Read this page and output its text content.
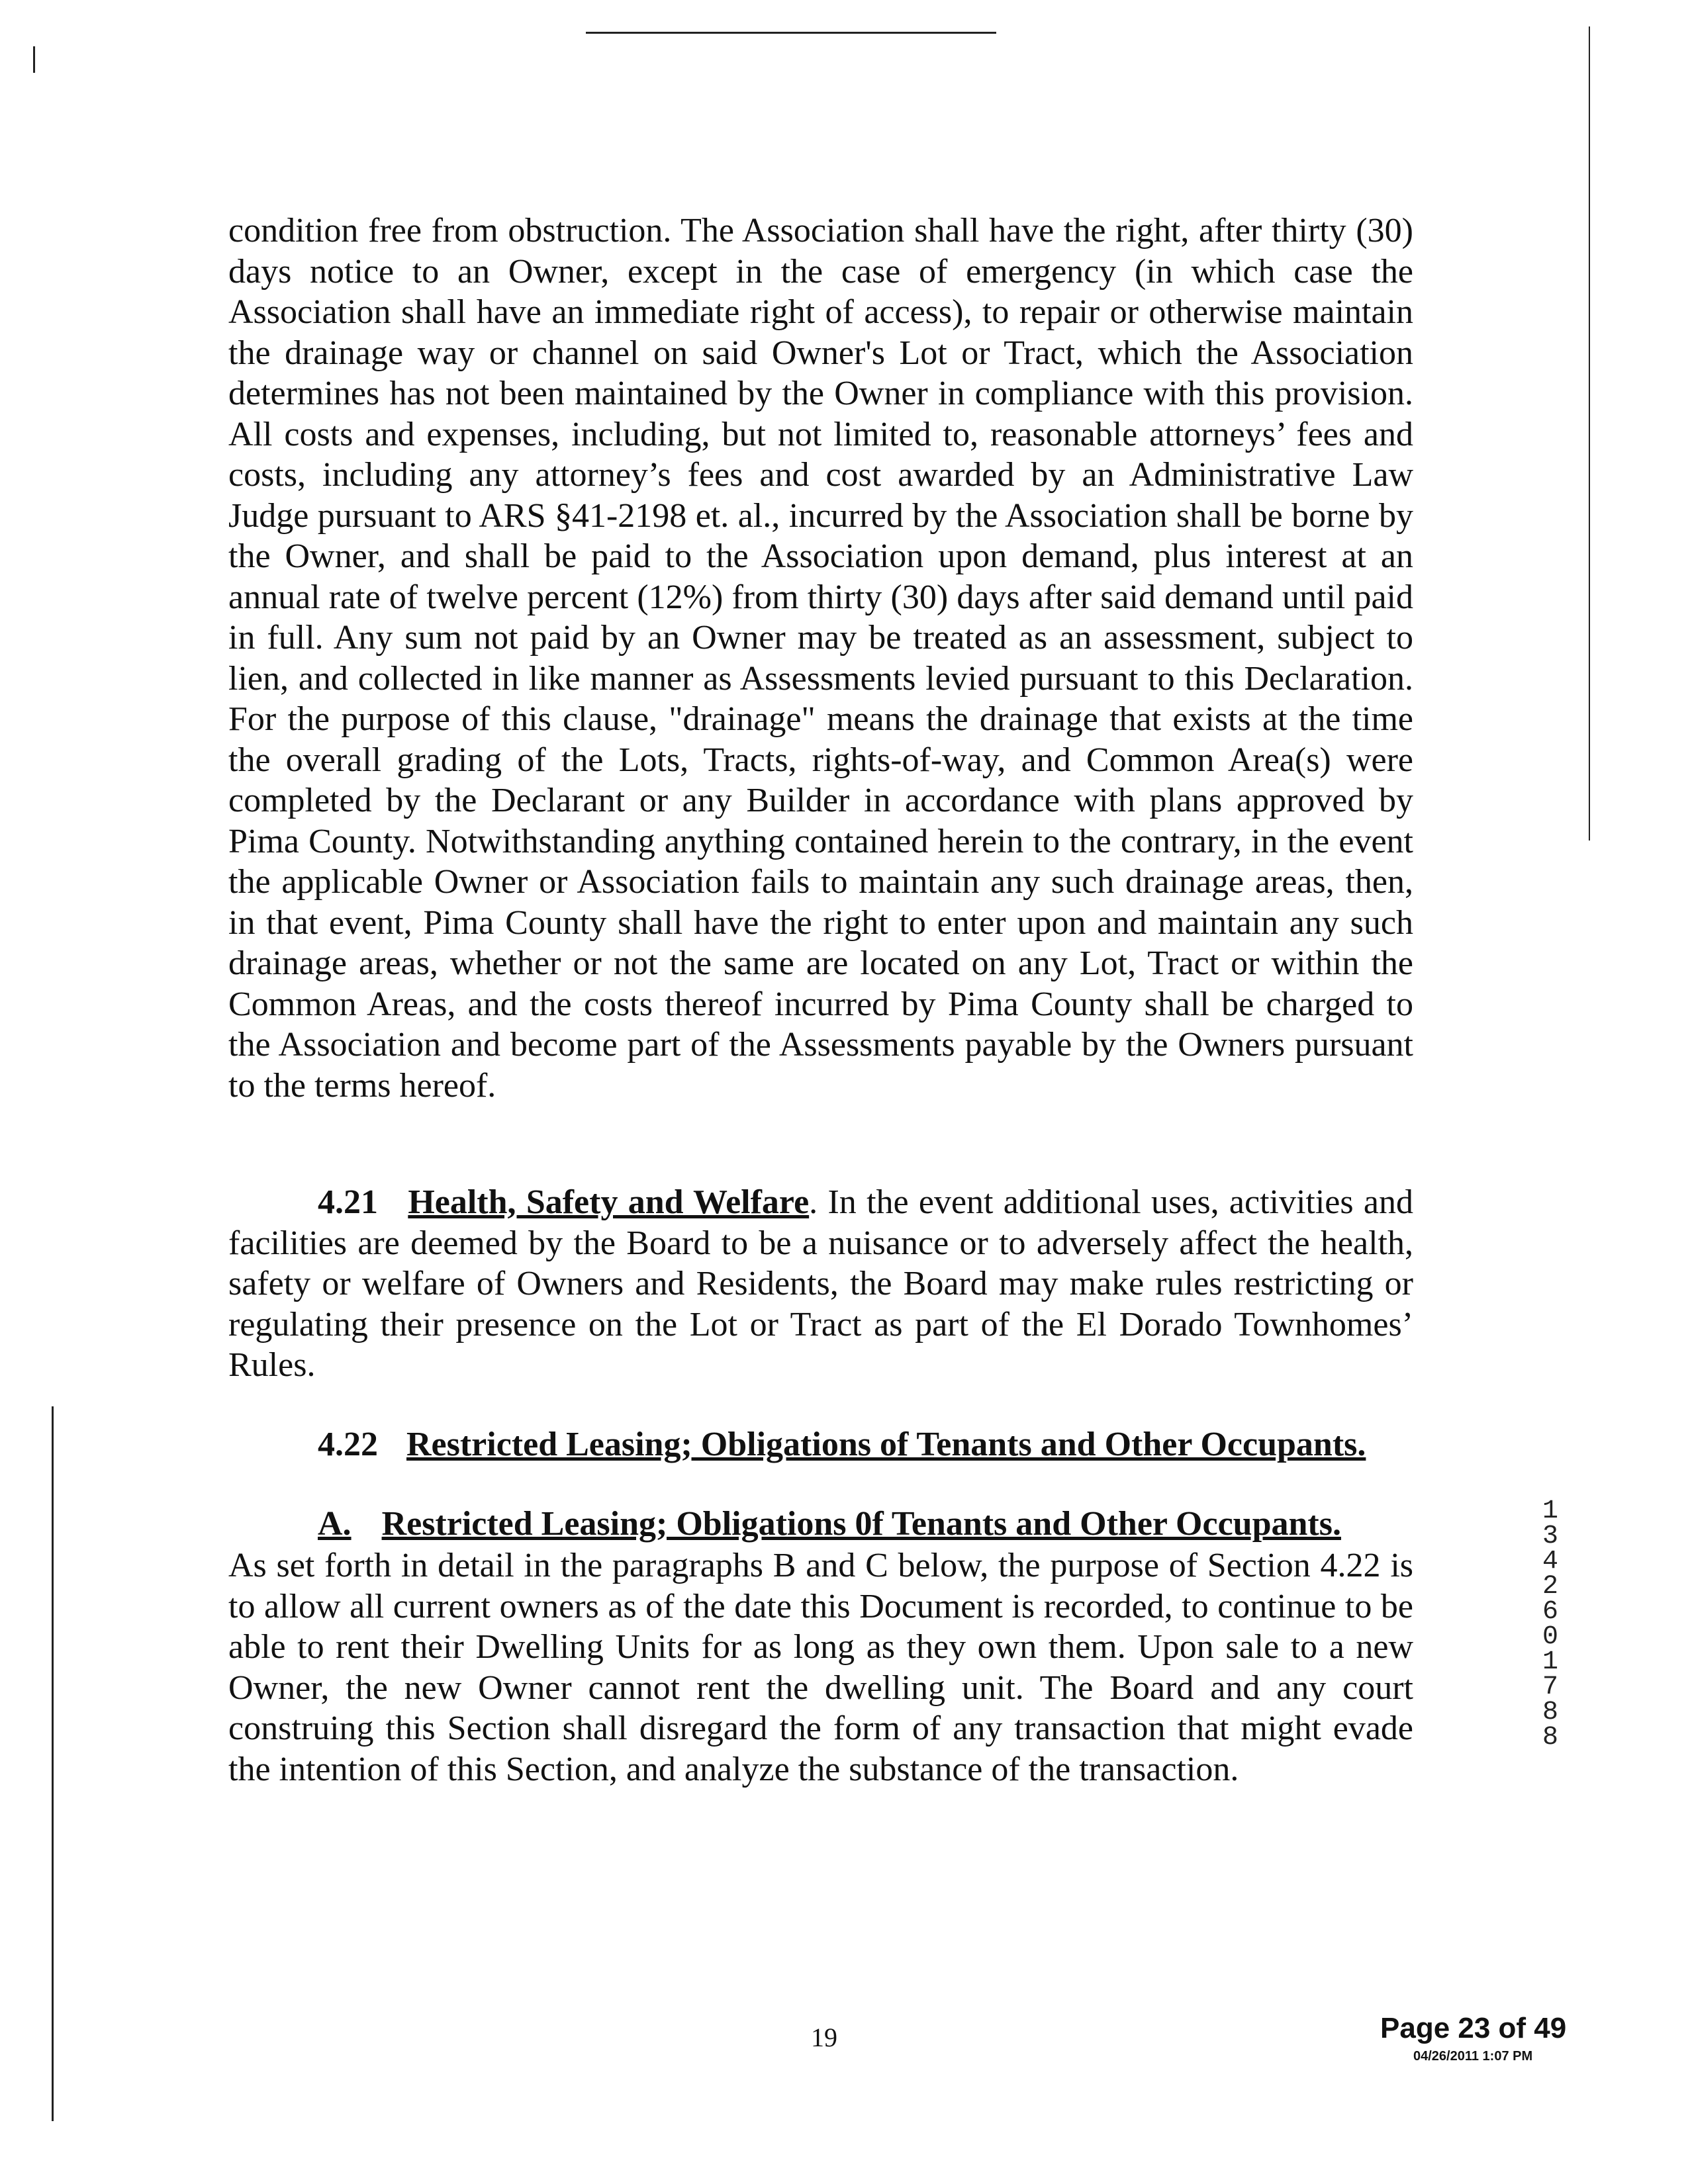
condition free from obstruction. The Association shall have the right, after thirty (30) days notice to an Owner, except in the case of emergency (in which case the Association shall have an immediate right of access), to repair or otherwise maintain the drainage way or channel on said Owner's Lot or Tract, which the Association determines has not been maintained by the Owner in compliance with this provision. All costs and expenses, including, but not limited to, reasonable attorneys’ fees and costs, including any attorney’s fees and cost awarded by an Administrative Law Judge pursuant to ARS §41-2198 et. al., incurred by the Association shall be borne by the Owner, and shall be paid to the Association upon demand, plus interest at an annual rate of twelve percent (12%) from thirty (30) days after said demand until paid in full. Any sum not paid by an Owner may be treated as an assessment, subject to lien, and collected in like manner as Assessments levied pursuant to this Declaration. For the purpose of this clause, "drainage" means the drainage that exists at the time the overall grading of the Lots, Tracts, rights-of-way, and Common Area(s) were completed by the Declarant or any Builder in accordance with plans approved by Pima County. Notwithstanding anything contained herein to the contrary, in the event the applicable Owner or Association fails to maintain any such drainage areas, then, in that event, Pima County shall have the right to enter upon and maintain any such drainage areas, whether or not the same are located on any Lot, Tract or within the Common Areas, and the costs thereof incurred by Pima County shall be charged to the Association and become part of the Assessments payable by the Owners pursuant to the terms hereof.

4.21 Health, Safety and Welfare. In the event additional uses, activities and facilities are deemed by the Board to be a nuisance or to adversely affect the health, safety or welfare of Owners and Residents, the Board may make rules restricting or regulating their presence on the Lot or Tract as part of the El Dorado Townhomes’ Rules.

4.22 Restricted Leasing; Obligations of Tenants and Other Occupants.

A. Restricted Leasing; Obligations 0f Tenants and Other Occupants.

As set forth in detail in the paragraphs B and C below, the purpose of Section 4.22 is to allow all current owners as of the date this Document is recorded, to continue to be able to rent their Dwelling Units for as long as they own them. Upon sale to a new Owner, the new Owner cannot rent the dwelling unit. The Board and any court construing this Section shall disregard the form of any transaction that might evade the intention of this Section, and analyze the substance of the transaction.

13426 01788
19	Page 23 of 49
04/26/2011 1:07 PM
